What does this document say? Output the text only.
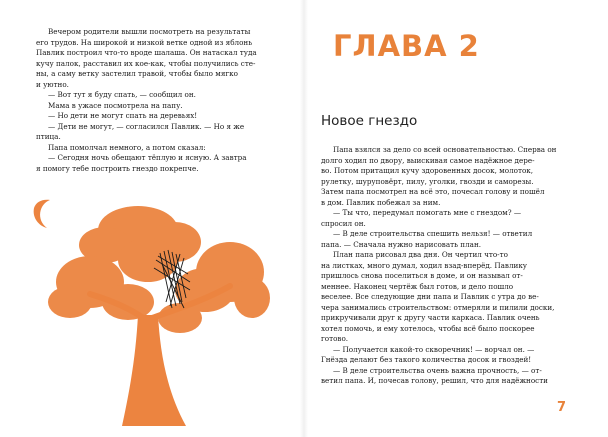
Вечером родители вышли посмотреть на результаты
его трудов. На широкой и низкой ветке одной из яблонь
Павлик построил что-то вроде шалаша. Он натаскал туда
кучу палок, расставил их кое-как, чтобы получились сте-
ны, а саму ветку застелил травой, чтобы было мягко
и уютно.
— Вот тут я буду спать, — сообщил он.
Мама в ужасе посмотрела на папу.
— Но дети не могут спать на деревьях!
— Дети не могут, — согласился Павлик. — Но я же
птица.
Папа помолчал немного, а потом сказал:
— Сегодня ночь обещают тёплую и ясную. А завтра
я помогу тебе построить гнездо покрепче.
ГЛАВА 2
Новое гнездо
Папа взялся за дело со всей основательностью. Сперва он
долго ходил по двору, выискивая самое надёжное дере-
во. Потом притащил кучу здоровенных досок, молоток,
рулетку, шуруповёрт, пилу, уголки, гвозди и саморезы.
Затем папа посмотрел на всё это, почесал голову и пошёл
в дом. Павлик побежал за ним.
— Ты что, передумал помогать мне с гнездом? —
спросил он.
— В деле строительства спешить нельзя! — ответил
папа. — Сначала нужно нарисовать план.
План папа рисовал два дня. Он чертил что-то
на листках, много думал, ходил взад-вперёд. Павлику
пришлось снова поселиться в доме, и он называл от-
меннее. Наконец чертёж был готов, и дело пошло
веселее. Все следующие дни папа и Павлик с утра до ве-
чера занимались строительством: отмеряли и пилили доски,
прикручивали друг к другу части каркаса. Павлик очень
хотел помочь, и ему хотелось, чтобы всё было поскорее
готово.
— Получается какой-то скворечник! — ворчал он. —
Гнёзда делают без такого количества досок и гвоздей!
— В деле строительства очень важна прочность, — от-
ветил папа. И, почесав голову, решил, что для надёжности
7
